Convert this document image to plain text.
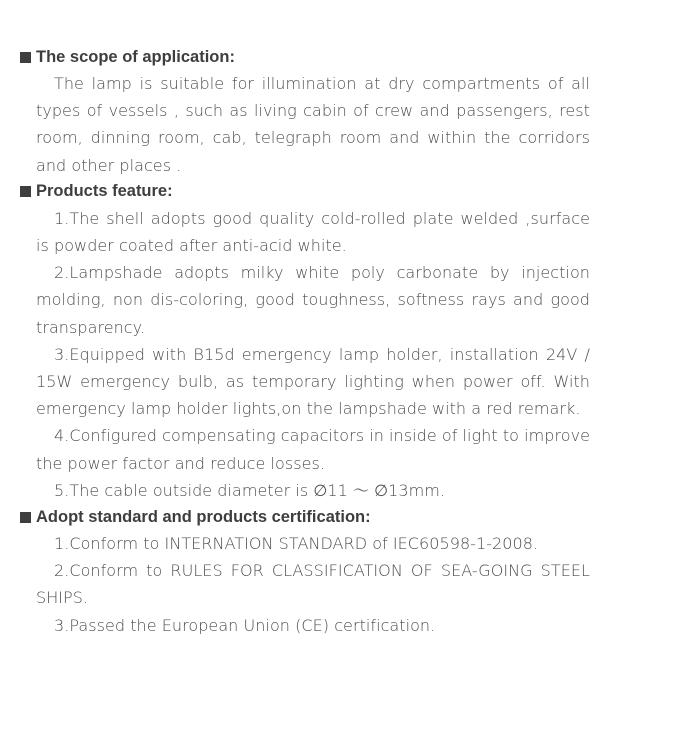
The scope of application:

The lamp is suitable for illumination at dry compartments of all types of vessels , such as living cabin of crew and passengers, rest room, dinning room, cab, telegraph room and within the corridors and other places .

Products feature:

1.The shell adopts good quality cold-rolled plate welded ,surface is powder coated after anti-acid white.

2.Lampshade adopts milky white poly carbonate by injection molding, non dis-coloring, good toughness, softness rays and good transparency.

3.Equipped with B15d emergency lamp holder, installation 24V / 15W emergency bulb, as temporary lighting when power off. With emergency lamp holder lights,on the lampshade with a red remark.

4.Configured compensating capacitors in inside of light to improve the power factor and reduce losses.

5.The cable outside diameter is ∅11 ～ ∅13mm.

Adopt standard and products certification:

1.Conform to INTERNATION STANDARD of IEC60598-1-2008.

2.Conform to RULES FOR CLASSIFICATION OF SEA-GOING STEEL SHIPS.

3.Passed the European Union (CE) certification.
